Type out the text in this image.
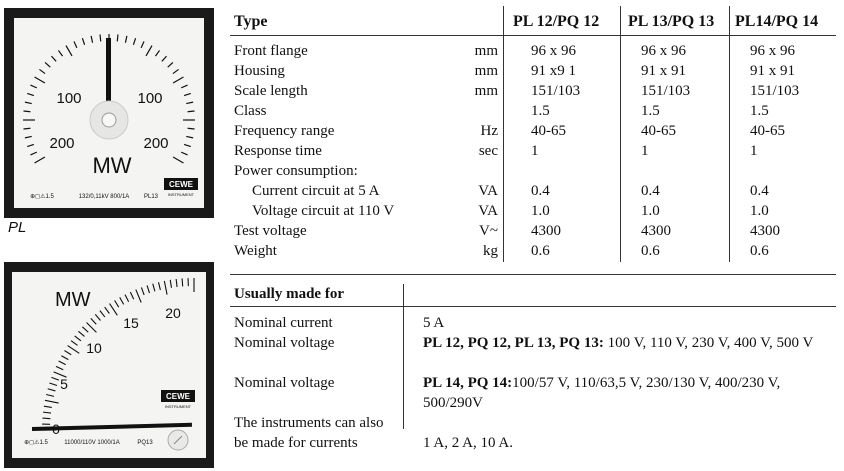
100
200
100
200
MW
CEWE
INSTRUMENT
132/0,11kV 800/1A PL13
⊕◻⚠1.5
PL
MW
0
5
10
15
20
CEWE
INSTRUMENT
11000/110V 1000/1A	PQ13
⊕◻⚠1.5
Type	PL 12/PQ 12 PL 13/PQ 13 PL14/PQ 14
Front flange	mm 96 x 96	96 x 96	96 x 96
Housing	mm 91 x9 1	91 x 91	91 x 91
Scale length	mm 151/103	151/103	151/103
Class	1.5	1.5	1.5
Frequency range	Hz 40-65	40-65	40-65
Response time	sec 1	1	1
Power consumption:
Current circuit at 5 A	VA 0.4	0.4	0.4
Voltage circuit at 110 V	VA 1.0	1.0	1.0
Test voltage	V~ 4300	4300	4300
Weight	kg 0.6	0.6	0.6
Usually made for
Nominal current	5 A
Nominal voltage	PL 12, PQ 12, PL 13, PQ 13: 100 V, 110 V, 230 V, 400 V, 500 V
Nominal voltage	PL 14, PQ 14:100/57 V, 110/63,5 V, 230/130 V, 400/230 V, 500/290V
The instruments can also
be made for currents	1 A, 2 A, 10 A.
